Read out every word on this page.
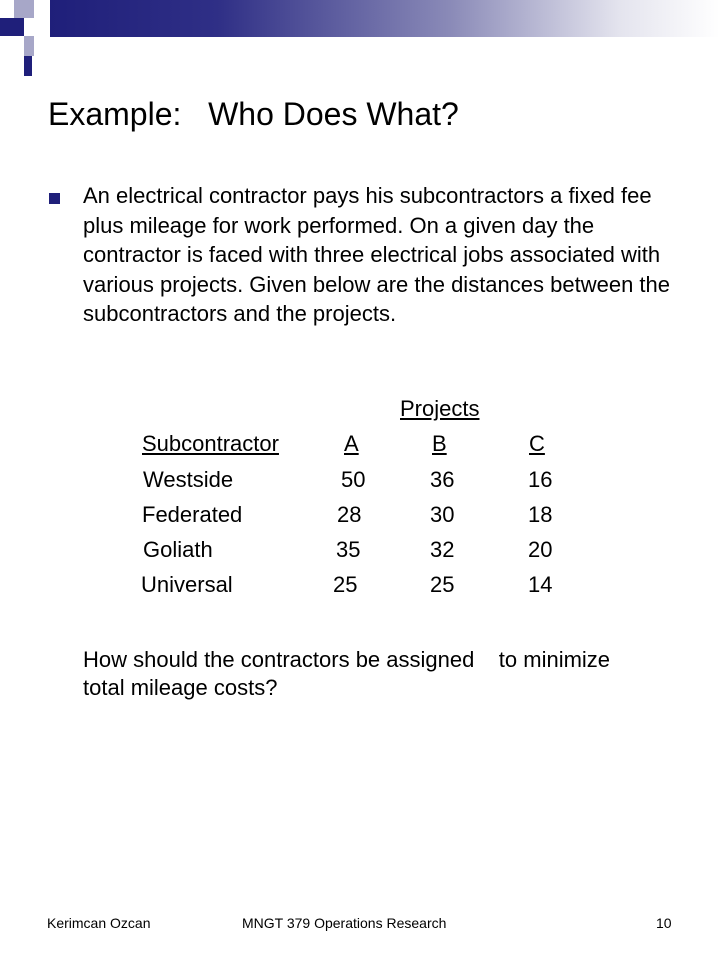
Example:   Who Does What?
An electrical contractor pays his subcontractors a fixed fee plus mileage for work performed. On a given day the contractor is faced with three electrical jobs associated with various projects. Given below are the distances between the subcontractors and the projects.
Projects
Subcontractor	A	B	C
Westside	50	36	16
Federated	28	30	18
Goliath	35	32	20
Universal	25	25	14
How should the contractors be assigned    to minimize total mileage costs?
Kerimcan Ozcan	MNGT 379 Operations Research	10
